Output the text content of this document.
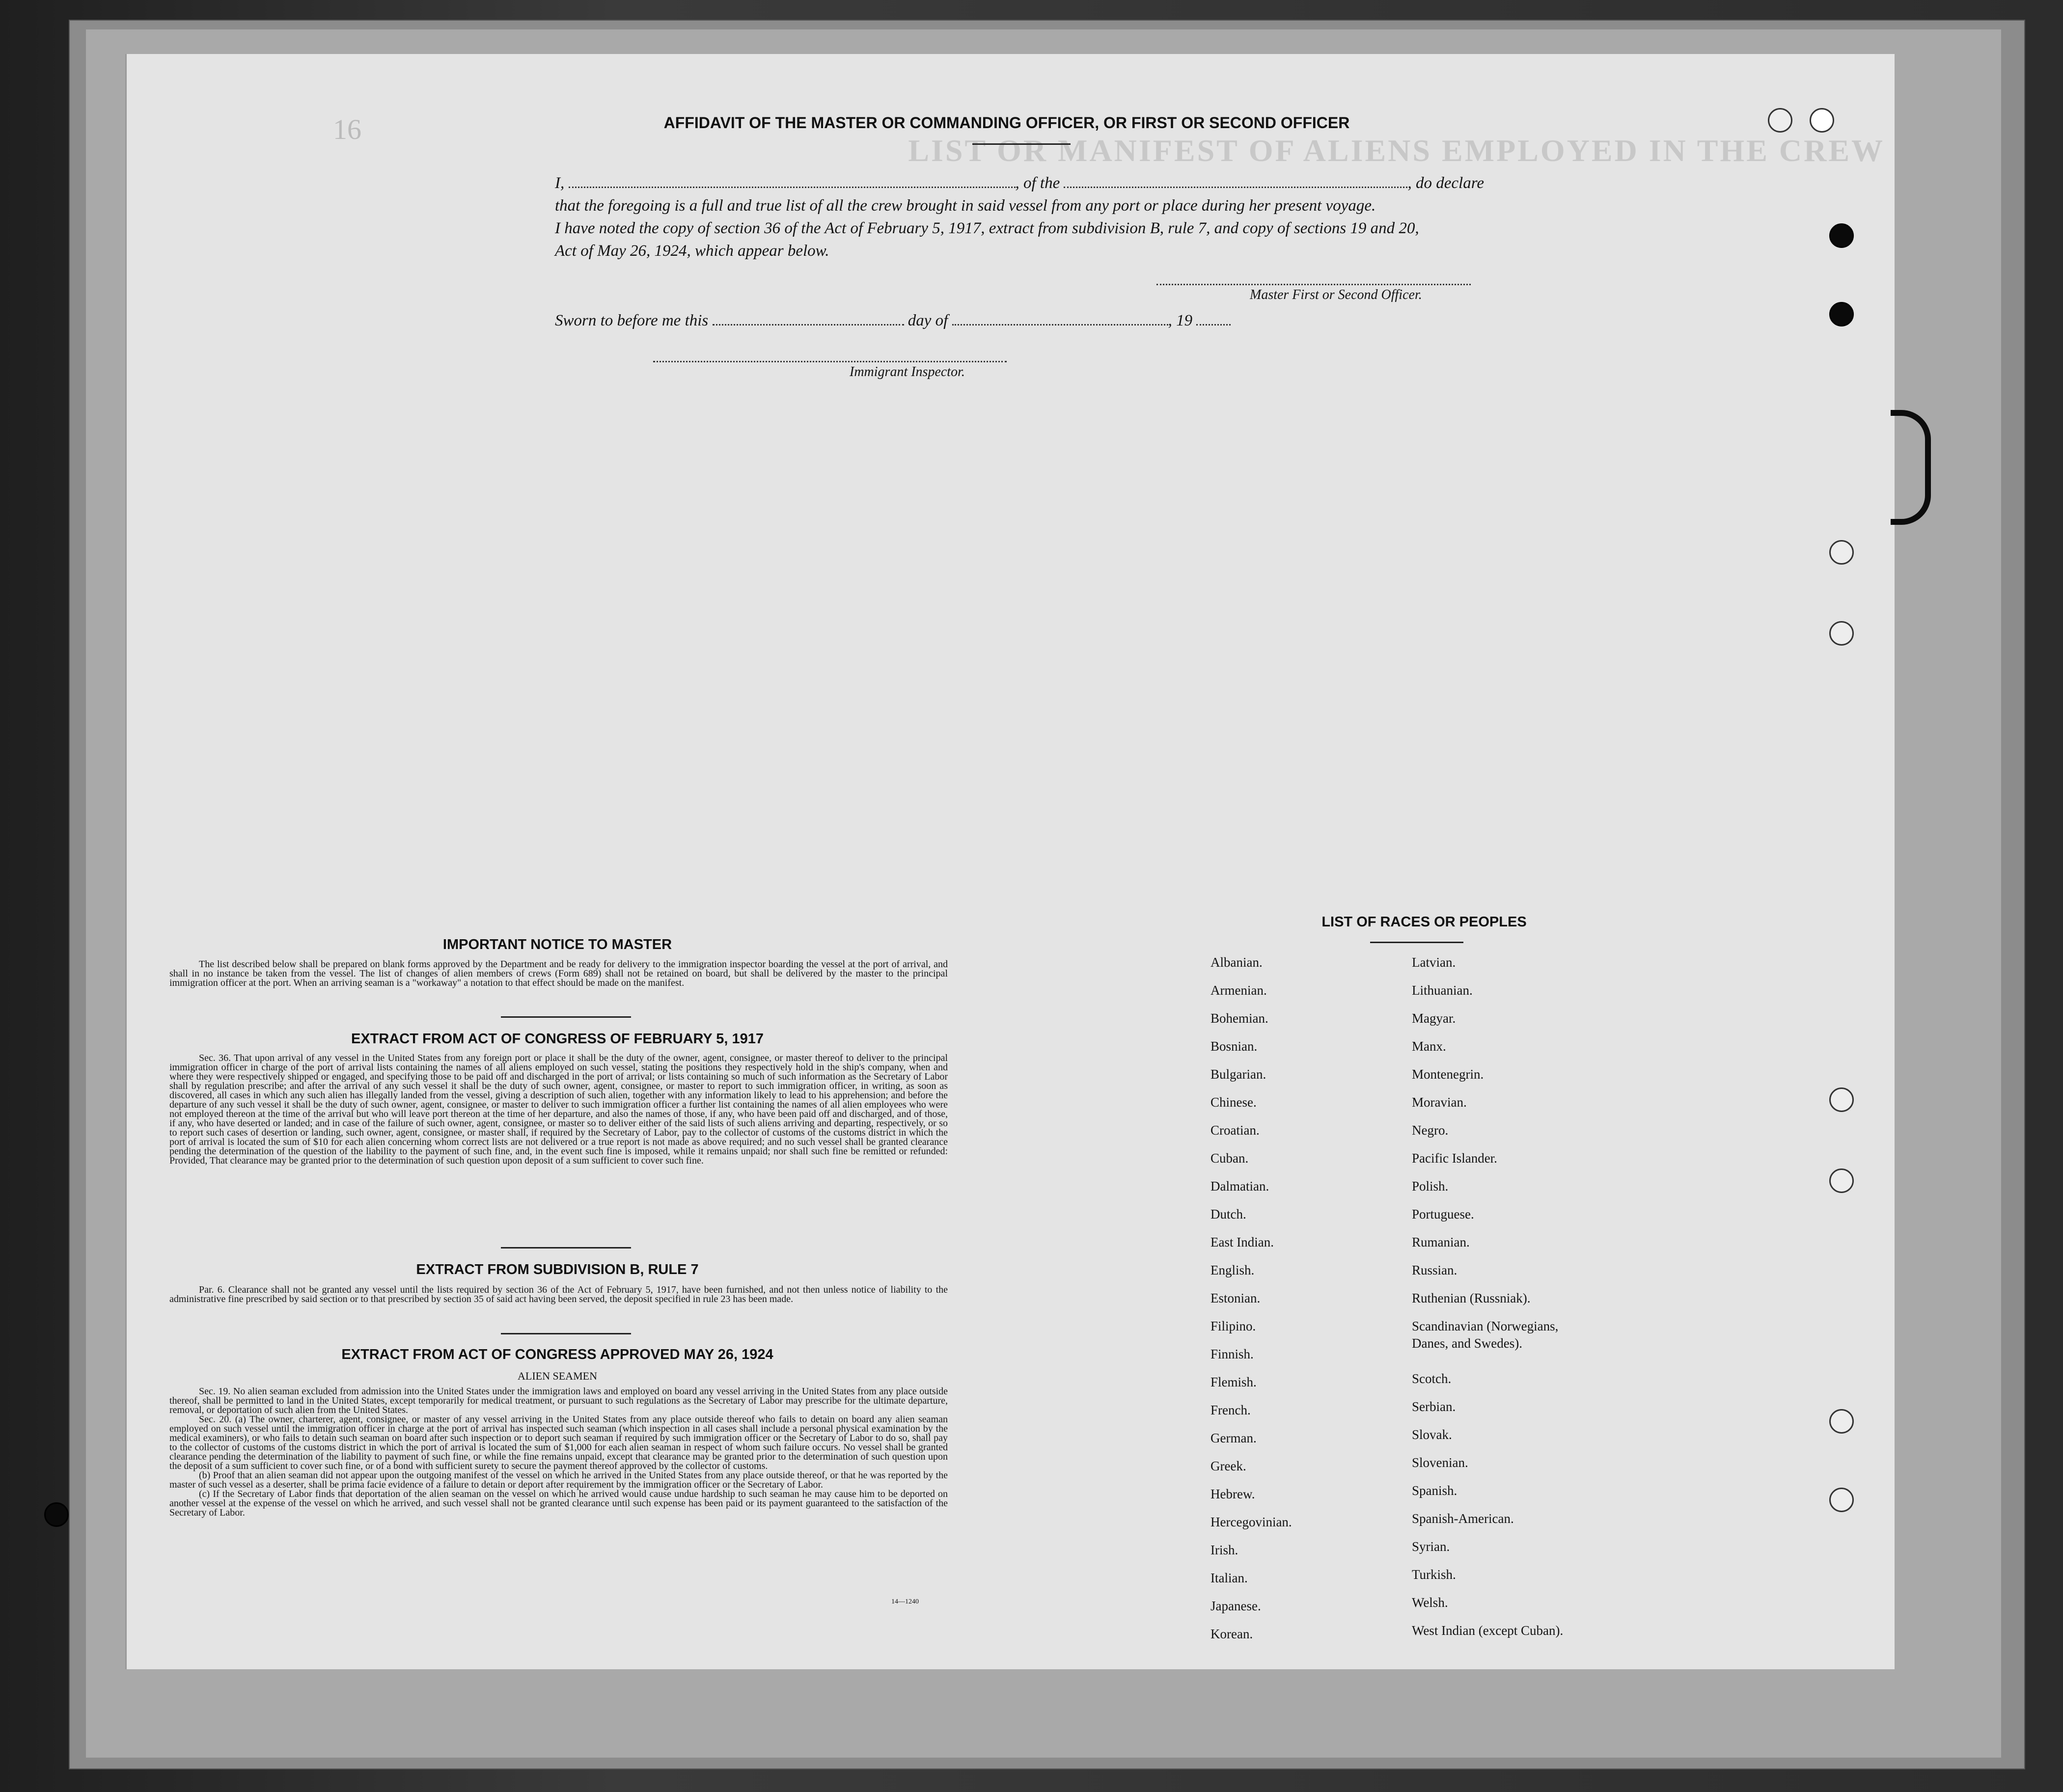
LIST OR MANIFEST OF ALIENS EMPLOYED IN THE CREW
16	AFFIDAVIT OF THE MASTER OR COMMANDING OFFICER, OR FIRST OR SECOND OFFICER
I,	, of the	, do declare
that the foregoing is a full and true list of all the crew brought in said vessel from any port or place during her present voyage.
I have noted the copy of section 36 of the Act of February 5, 1917, extract from subdivision B, rule 7, and copy of sections 19 and 20,
Act of May 26, 1924, which appear below.
Master First or Second Officer.
Sworn to before me this	day of	, 19
Immigrant Inspector.
IMPORTANT NOTICE TO MASTER

The list described below shall be prepared on blank forms approved by the Department and be ready for delivery to the immigration inspector boarding the vessel at the port of arrival, and shall in no instance be taken from the vessel. The list of changes of alien members of crews (Form 689) shall not be retained on board, but shall be delivered by the master to the principal immigration officer at the port. When an arriving seaman is a "workaway" a notation to that effect should be made on the manifest.

EXTRACT FROM ACT OF CONGRESS OF FEBRUARY 5, 1917

Sec. 36. That upon arrival of any vessel in the United States from any foreign port or place it shall be the duty of the owner, agent, consignee, or master thereof to deliver to the principal immigration officer in charge of the port of arrival lists containing the names of all aliens employed on such vessel, stating the positions they respectively hold in the ship's company, when and where they were respectively shipped or engaged, and specifying those to be paid off and discharged in the port of arrival; or lists containing so much of such information as the Secretary of Labor shall by regulation prescribe; and after the arrival of any such vessel it shall be the duty of such owner, agent, consignee, or master to report to such immigration officer, in writing, as soon as discovered, all cases in which any such alien has illegally landed from the vessel, giving a description of such alien, together with any information likely to lead to his apprehension; and before the departure of any such vessel it shall be the duty of such owner, agent, consignee, or master to deliver to such immigration officer a further list containing the names of all alien employees who were not employed thereon at the time of the arrival but who will leave port thereon at the time of her departure, and also the names of those, if any, who have been paid off and discharged, and of those, if any, who have deserted or landed; and in case of the failure of such owner, agent, consignee, or master so to deliver either of the said lists of such aliens arriving and departing, respectively, or so to report such cases of desertion or landing, such owner, agent, consignee, or master shall, if required by the Secretary of Labor, pay to the collector of customs of the customs district in which the port of arrival is located the sum of $10 for each alien concerning whom correct lists are not delivered or a true report is not made as above required; and no such vessel shall be granted clearance pending the determination of the question of the liability to the payment of such fine, and, in the event such fine is imposed, while it remains unpaid; nor shall such fine be remitted or refunded: Provided, That clearance may be granted prior to the determination of such question upon deposit of a sum sufficient to cover such fine.

EXTRACT FROM SUBDIVISION B, RULE 7

Par. 6. Clearance shall not be granted any vessel until the lists required by section 36 of the Act of February 5, 1917, have been furnished, and not then unless notice of liability to the administrative fine prescribed by said section or to that prescribed by section 35 of said act having been served, the deposit specified in rule 23 has been made.

EXTRACT FROM ACT OF CONGRESS APPROVED MAY 26, 1924
ALIEN SEAMEN

Sec. 19. No alien seaman excluded from admission into the United States under the immigration laws and employed on board any vessel arriving in the United States from any place outside thereof, shall be permitted to land in the United States, except temporarily for medical treatment, or pursuant to such regulations as the Secretary of Labor may prescribe for the ultimate departure, removal, or deportation of such alien from the United States.

Sec. 20. (a) The owner, charterer, agent, consignee, or master of any vessel arriving in the United States from any place outside thereof who fails to detain on board any alien seaman employed on such vessel until the immigration officer in charge at the port of arrival has inspected such seaman (which inspection in all cases shall include a personal physical examination by the medical examiners), or who fails to detain such seaman on board after such inspection or to deport such seaman if required by such immigration officer or the Secretary of Labor to do so, shall pay to the collector of customs of the customs district in which the port of arrival is located the sum of $1,000 for each alien seaman in respect of whom such failure occurs. No vessel shall be granted clearance pending the determination of the liability to payment of such fine, or while the fine remains unpaid, except that clearance may be granted prior to the determination of such question upon the deposit of a sum sufficient to cover such fine, or of a bond with sufficient surety to secure the payment thereof approved by the collector of customs.

(b) Proof that an alien seaman did not appear upon the outgoing manifest of the vessel on which he arrived in the United States from any place outside thereof, or that he was reported by the master of such vessel as a deserter, shall be prima facie evidence of a failure to detain or deport after requirement by the immigration officer or the Secretary of Labor.

(c) If the Secretary of Labor finds that deportation of the alien seaman on the vessel on which he arrived would cause undue hardship to such seaman he may cause him to be deported on another vessel at the expense of the vessel on which he arrived, and such vessel shall not be granted clearance until such expense has been paid or its payment guaranteed to the satisfaction of the Secretary of Labor.

14—1240
LIST OF RACES OR PEOPLES
Albanian.
Armenian.
Bohemian.
Bosnian.
Bulgarian.
Chinese.
Croatian.
Cuban.
Dalmatian.
Dutch.
East Indian.
English.
Estonian.
Filipino.
Finnish.
Flemish.
French.
German.
Greek.
Hebrew.
Hercegovinian.
Irish.
Italian.
Japanese.
Korean.
Latvian.
Lithuanian.
Magyar.
Manx.
Montenegrin.
Moravian.
Negro.
Pacific Islander.
Polish.
Portuguese.
Rumanian.
Russian.
Ruthenian (Russniak).
Scandinavian (Norwegians,
Danes, and Swedes).
Scotch.
Serbian.
Slovak.
Slovenian.
Spanish.
Spanish-American.
Syrian.
Turkish.
Welsh.
West Indian (except Cuban).
